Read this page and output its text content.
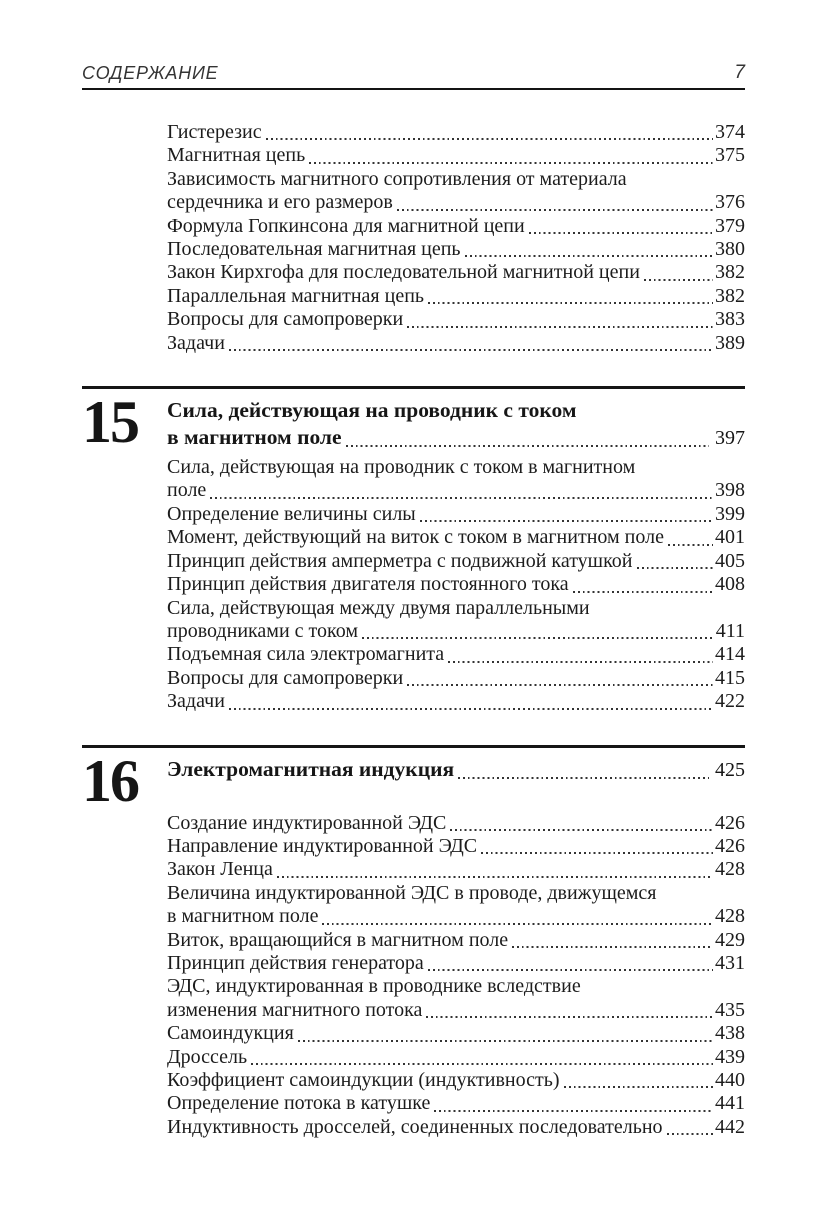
СОДЕРЖАНИЕ	7
Гистерезис	374
Магнитная цепь	375
Зависимость магнитного сопротивления от материала
сердечника и его размеров	376
Формула Гопкинсона для магнитной цепи	379
Последовательная магнитная цепь	380
Закон Кирхгофа для последовательной магнитной цепи	382
Параллельная магнитная цепь	382
Вопросы для самопроверки	383
Задачи	389
15	Сила, действующая на проводник с током
в магнитном поле	397
Сила, действующая на проводник с током в магнитном
поле	398
Определение величины силы	399
Момент, действующий на виток с током в магнитном поле	401
Принцип действия амперметра с подвижной катушкой	405
Принцип действия двигателя постоянного тока	408
Сила, действующая между двумя параллельными
проводниками с током	411
Подъемная сила электромагнита	414
Вопросы для самопроверки	415
Задачи	422
16	Электромагнитная индукция	425
Создание индуктированной ЭДС	426
Направление индуктированной ЭДС	426
Закон Ленца	428
Величина индуктированной ЭДС в проводе, движущемся
в магнитном поле	428
Виток, вращающийся в магнитном поле	429
Принцип действия генератора	431
ЭДС, индуктированная в проводнике вследствие
изменения магнитного потока	435
Самоиндукция	438
Дроссель	439
Коэффициент самоиндукции (индуктивность)	440
Определение потока в катушке	441
Индуктивность дросселей, соединенных последовательно	442
